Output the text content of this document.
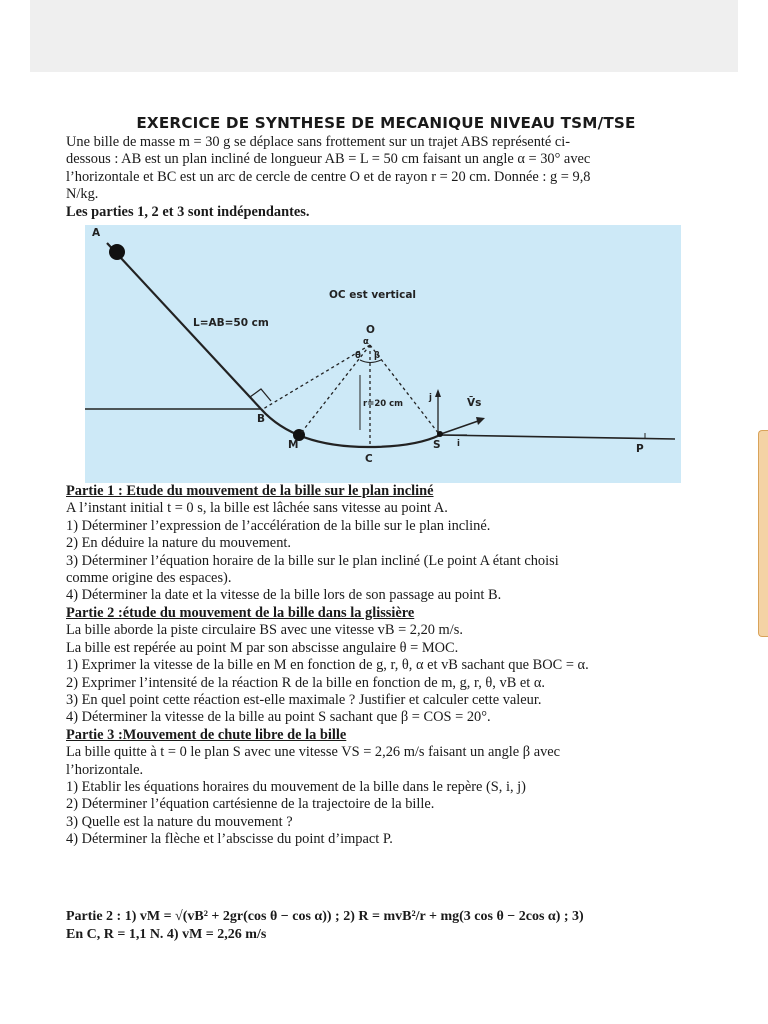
EXERCICE DE SYNTHESE DE MECANIQUE NIVEAU TSM/TSE

Une bille de masse m = 30 g se déplace sans frottement sur un trajet ABS représenté ci-

dessous : AB est un plan incliné de longueur AB = L = 50 cm faisant un angle α = 30° avec

l’horizontale et BC est un arc de cercle de centre O et de rayon r = 20 cm. Donnée : g = 9,8

N/kg.

Les parties 1, 2 et 3 sont indépendantes.

A
L=AB=50 cm
OC est vertical
O
α
θ β
r=20 cm
B
M
C
S
j
i
V̄s
P

Partie 1 : Etude du mouvement de la bille sur le plan incliné

A l’instant initial t = 0 s, la bille est lâchée sans vitesse au point A.

1) Déterminer l’expression de l’accélération de la bille sur le plan incliné.

2) En déduire la nature du mouvement.

3) Déterminer l’équation horaire de la bille sur le plan incliné (Le point A étant choisi

comme origine des espaces).

4) Déterminer la date et la vitesse de la bille lors de son passage au point B.

Partie 2 :étude du mouvement de la bille dans la glissière

La bille aborde la piste circulaire BS avec une vitesse vB = 2,20 m/s.

La bille est repérée au point M par son abscisse angulaire θ = MOC.

1) Exprimer la vitesse de la bille en M en fonction de g, r, θ, α et vB sachant que BOC = α.

2) Exprimer l’intensité de la réaction R de la bille en fonction de m, g, r, θ, vB et α.

3) En quel point cette réaction est-elle maximale ? Justifier et calculer cette valeur.

4) Déterminer la vitesse de la bille au point S sachant que β = COS = 20°.

Partie 3 :Mouvement de chute libre de la bille

La bille quitte à t = 0 le plan S avec une vitesse VS = 2,26 m/s faisant un angle β avec

l’horizontale.

1) Etablir les équations horaires du mouvement de la bille dans le repère (S, i, j)

2) Déterminer l’équation cartésienne de la trajectoire de la bille.

3) Quelle est la nature du mouvement ?

4) Déterminer la flèche et l’abscisse du point d’impact P.

Partie 2 : 1) vM = √(vB² + 2gr(cos θ − cos α)) ; 2) R = mvB²/r + mg(3 cos θ − 2cos α) ; 3)
En C, R = 1,1 N. 4) vM = 2,26 m/s
